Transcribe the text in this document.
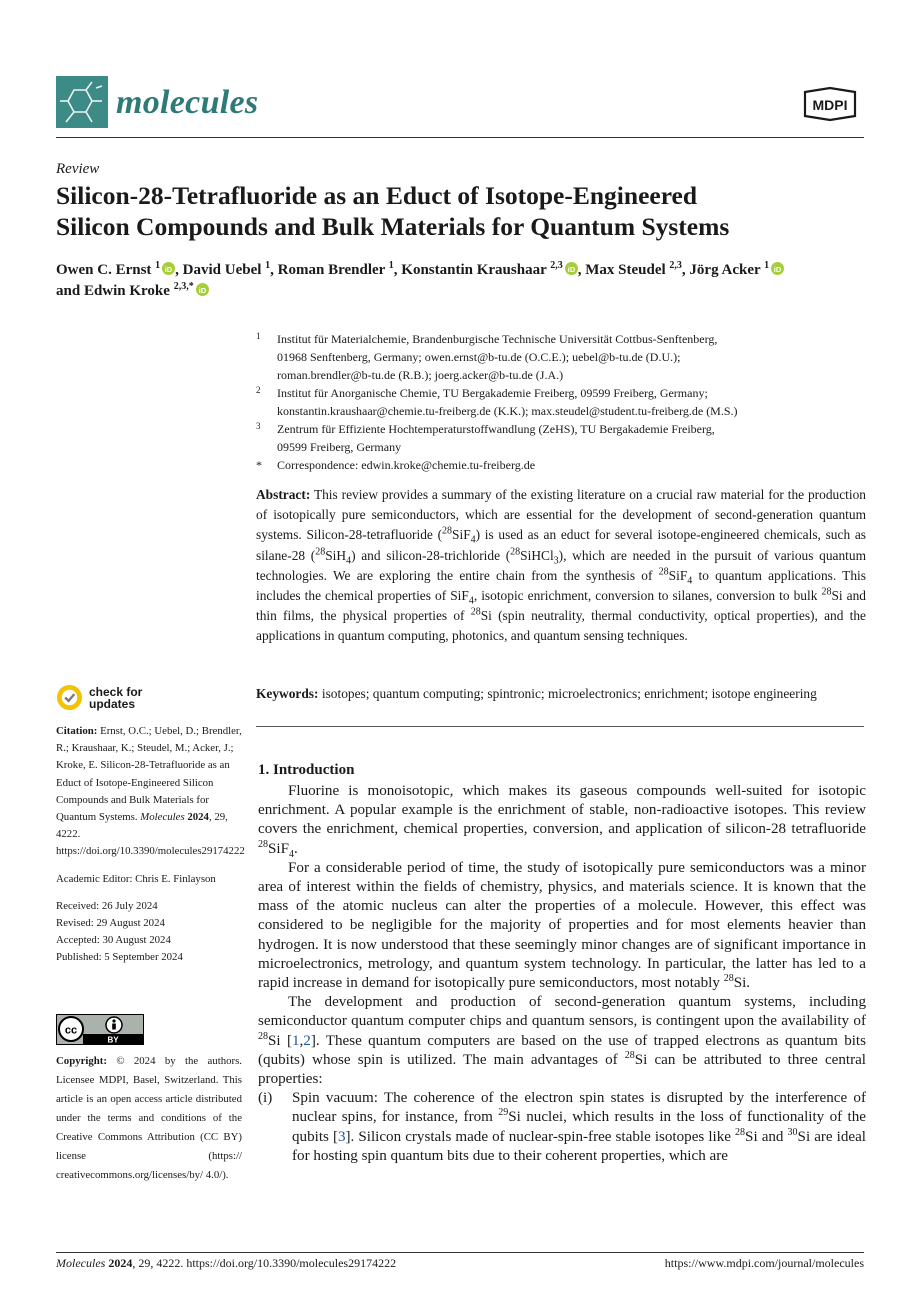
molecules	MDPI
Review
Silicon-28-Tetrafluoride as an Educt of Isotope-Engineered
Silicon Compounds and Bulk Materials for Quantum Systems
Owen C. Ernst $^1$ iD , David Uebel $^1$, Roman Brendler $^1$, Konstantin Kraushaar $^{2,3}$ iD , Max Steudel $^{2,3}$, Jörg Acker $^1$ iD

and Edwin Kroke $^{2,3,*}$ iD
1 Institut für Materialchemie, Brandenburgische Technische Universität Cottbus-Senftenberg,
01968 Senftenberg, Germany; owen.ernst@b-tu.de (O.C.E.); uebel@b-tu.de (D.U.);
roman.brendler@b-tu.de (R.B.); joerg.acker@b-tu.de (J.A.)
2 Institut für Anorganische Chemie, TU Bergakademie Freiberg, 09599 Freiberg, Germany;
konstantin.kraushaar@chemie.tu-freiberg.de (K.K.); max.steudel@student.tu-freiberg.de (M.S.)
3 Zentrum für Effiziente Hochtemperaturstoffwandlung (ZeHS), TU Bergakademie Freiberg,
09599 Freiberg, Germany
* Correspondence: edwin.kroke@chemie.tu-freiberg.de
Abstract: This review provides a summary of the existing literature on a crucial raw material for the production of isotopically pure semiconductors, which are essential for the development of second-generation quantum systems. Silicon-28-tetrafluoride ($^{28}$SiF$_4$) is used as an educt for several isotope-engineered chemicals, such as silane-28 ($^{28}$SiH$_4$) and silicon-28-trichloride ($^{28}$SiHCl$_3$), which are needed in the pursuit of various quantum technologies. We are exploring the entire chain from the synthesis of $^{28}$SiF$_4$ to quantum applications. This includes the chemical properties of SiF$_4$, isotopic enrichment, conversion to silanes, conversion to bulk $^{28}$Si and thin films, the physical properties of $^{28}$Si (spin neutrality, thermal conductivity, optical properties), and the applications in quantum computing, photonics, and quantum sensing techniques.
Keywords: isotopes; quantum computing; spintronic; microelectronics; enrichment; isotope engineering
check for
updates

Citation: Ernst, O.C.; Uebel, D.; Brendler, R.; Kraushaar, K.; Steudel, M.; Acker, J.; Kroke, E. Silicon-28-Tetrafluoride as an Educt of Isotope-Engineered Silicon Compounds and Bulk Materials for Quantum Systems. Molecules 2024, 29, 4222. https://doi.org/10.3390/molecules29174222

Academic Editor: Chris E. Finlayson

Received: 26 July 2024

Revised: 29 August 2024

Accepted: 30 August 2024

Published: 5 September 2024

cc
BY
Copyright: © 2024 by the authors. Licensee MDPI, Basel, Switzerland. This article is an open access article distributed under the terms and conditions of the Creative Commons Attribution (CC BY) license (https:// creativecommons.org/licenses/by/ 4.0/).
1. Introduction

Fluorine is monoisotopic, which makes its gaseous compounds well-suited for isotopic enrichment. A popular example is the enrichment of stable, non-radioactive isotopes. This review covers the enrichment, chemical properties, conversion, and application of silicon-28 tetrafluoride $^{28}$SiF$_4$.

For a considerable period of time, the study of isotopically pure semiconductors was a minor area of interest within the fields of chemistry, physics, and materials science. It is known that the mass of the atomic nucleus can alter the properties of a molecule. However, this effect was considered to be negligible for the majority of properties and for most elements heavier than hydrogen. It is now understood that these seemingly minor changes are of significant importance in microelectronics, metrology, and quantum system technology. In particular, the latter has led to a rapid increase in demand for isotopically pure semiconductors, most notably $^{28}$Si.

The development and production of second-generation quantum systems, including semiconductor quantum computer chips and quantum sensors, is contingent upon the availability of $^{28}$Si [1,2]. These quantum computers are based on the use of trapped electrons as quantum bits (qubits) whose spin is utilized. The main advantages of $^{28}$Si can be attributed to three central properties:

(i) Spin vacuum: The coherence of the electron spin states is disrupted by the interference of nuclear spins, for instance, from $^{29}$Si nuclei, which results in the loss of functionality of the qubits [3]. Silicon crystals made of nuclear-spin-free stable isotopes like $^{28}$Si and $^{30}$Si are ideal for hosting spin quantum bits due to their coherent properties, which are
Molecules 2024, 29, 4222. https://doi.org/10.3390/molecules29174222	https://www.mdpi.com/journal/molecules
